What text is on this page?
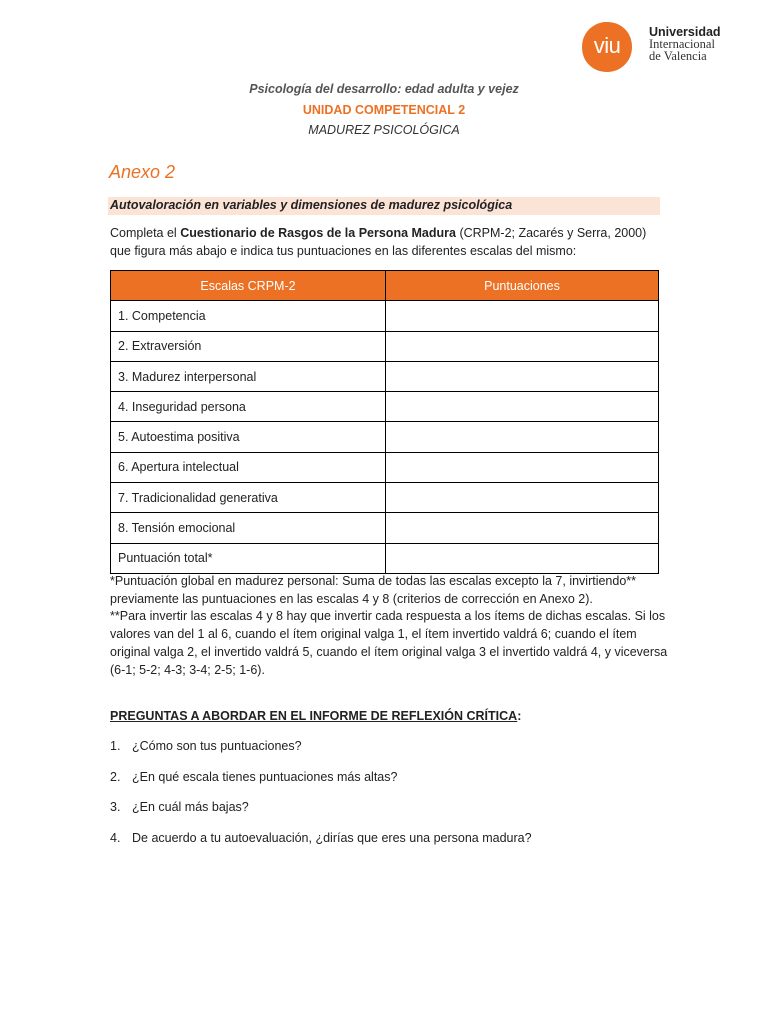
viu
Universidad
Internacional
de Valencia
Psicología del desarrollo: edad adulta y vejez
UNIDAD COMPETENCIAL 2
MADUREZ PSICOLÓGICA
Anexo 2
Autovaloración en variables y dimensiones de madurez psicológica

Completa el Cuestionario de Rasgos de la Persona Madura (CRPM-2; Zacarés y Serra, 2000) que figura más abajo e indica tus puntuaciones en las diferentes escalas del mismo:

Escalas CRPM-2	Puntuaciones
1. Competencia	
2. Extraversión	
3. Madurez interpersonal	
4. Inseguridad persona	
5. Autoestima positiva	
6. Apertura intelectual	
7. Tradicionalidad generativa	
8. Tensión emocional	
Puntuación total*	
*Puntuación global en madurez personal: Suma de todas las escalas excepto la 7, invirtiendo** previamente las puntuaciones en las escalas 4 y 8 (criterios de corrección en Anexo 2).
**Para invertir las escalas 4 y 8 hay que invertir cada respuesta a los ítems de dichas escalas. Si los valores van del 1 al 6, cuando el ítem original valga 1, el ítem invertido valdrá 6; cuando el ítem original valga 2, el invertido valdrá 5, cuando el ítem original valga 3 el invertido valdrá 4, y viceversa (6-1; 5-2; 4-3; 3-4; 2-5; 1-6).
PREGUNTAS A ABORDAR EN EL INFORME DE REFLEXIÓN CRÍTICA:
1. ¿Cómo son tus puntuaciones?
2. ¿En qué escala tienes puntuaciones más altas?
3. ¿En cuál más bajas?
4. De acuerdo a tu autoevaluación, ¿dirías que eres una persona madura?
